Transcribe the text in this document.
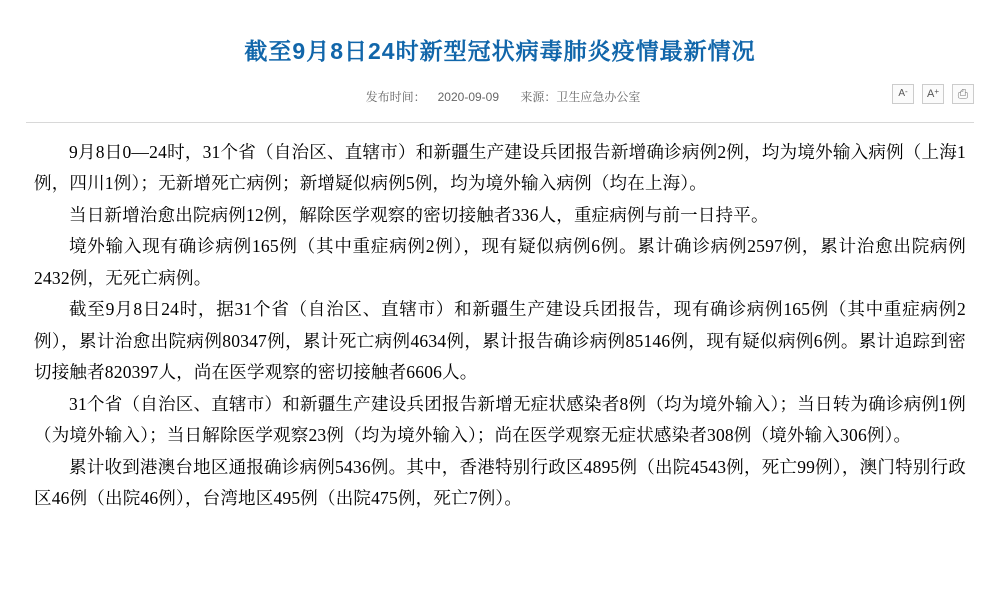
截至9月8日24时新型冠状病毒肺炎疫情最新情况
发布时间： 2020-09-09 来源：卫生应急办公室	A- A+	⎙

9月8日0—24时，31个省（自治区、直辖市）和新疆生产建设兵团报告新增确诊病例2例，均为境外输入病例（上海1例，四川1例）；无新增死亡病例；新增疑似病例5例，均为境外输入病例（均在上海）。

当日新增治愈出院病例12例，解除医学观察的密切接触者336人，重症病例与前一日持平。

境外输入现有确诊病例165例（其中重症病例2例），现有疑似病例6例。累计确诊病例2597例，累计治愈出院病例2432例，无死亡病例。

截至9月8日24时，据31个省（自治区、直辖市）和新疆生产建设兵团报告，现有确诊病例165例（其中重症病例2例），累计治愈出院病例80347例，累计死亡病例4634例，累计报告确诊病例85146例，现有疑似病例6例。累计追踪到密切接触者820397人，尚在医学观察的密切接触者6606人。

31个省（自治区、直辖市）和新疆生产建设兵团报告新增无症状感染者8例（均为境外输入）；当日转为确诊病例1例（为境外输入）；当日解除医学观察23例（均为境外输入）；尚在医学观察无症状感染者308例（境外输入306例）。

累计收到港澳台地区通报确诊病例5436例。其中，香港特别行政区4895例（出院4543例，死亡99例），澳门特别行政区46例（出院46例），台湾地区495例（出院475例，死亡7例）。
